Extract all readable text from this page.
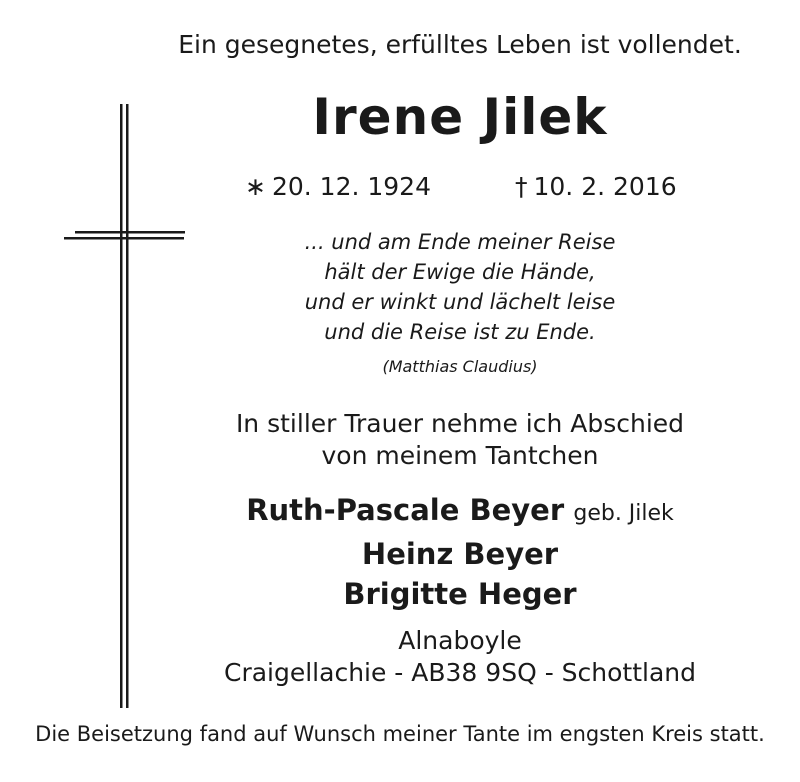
Ein gesegnetes, erfülltes Leben ist vollendet.
Irene Jilek
∗ 20. 12. 1924	† 10. 2. 2016
... und am Ende meiner Reise
hält der Ewige die Hände,
und er winkt und lächelt leise
und die Reise ist zu Ende.
(Matthias Claudius)
In stiller Trauer nehme ich Abschied
von meinem Tantchen
Ruth-Pascale Beyer geb. Jilek
Heinz Beyer
Brigitte Heger
Alnaboyle
Craigellachie - AB38 9SQ - Schottland
Die Beisetzung fand auf Wunsch meiner Tante im engsten Kreis statt.
